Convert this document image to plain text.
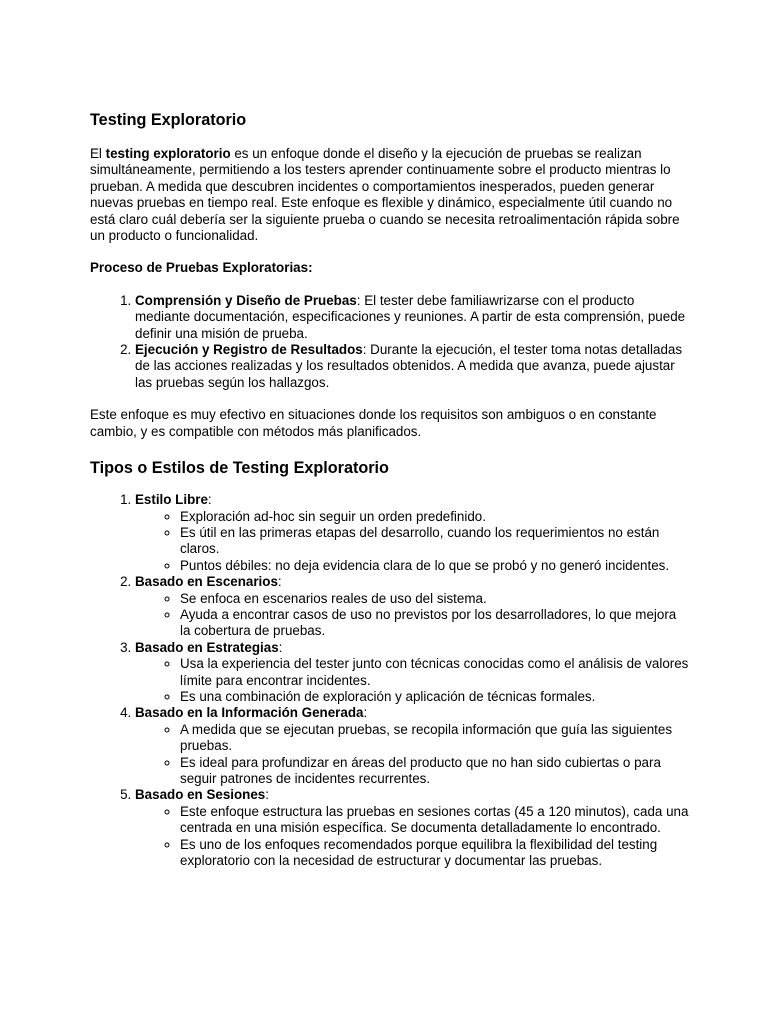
Testing Exploratorio

El testing exploratorio es un enfoque donde el diseño y la ejecución de pruebas se realizan simultáneamente, permitiendo a los testers aprender continuamente sobre el producto mientras lo prueban. A medida que descubren incidentes o comportamientos inesperados, pueden generar nuevas pruebas en tiempo real. Este enfoque es flexible y dinámico, especialmente útil cuando no está claro cuál debería ser la siguiente prueba o cuando se necesita retroalimentación rápida sobre un producto o funcionalidad.

Proceso de Pruebas Exploratorias:

1. Comprensión y Diseño de Pruebas: El tester debe familiawrizarse con el producto mediante documentación, especificaciones y reuniones. A partir de esta comprensión, puede definir una misión de prueba.
2. Ejecución y Registro de Resultados: Durante la ejecución, el tester toma notas detalladas de las acciones realizadas y los resultados obtenidos. A medida que avanza, puede ajustar las pruebas según los hallazgos.

Este enfoque es muy efectivo en situaciones donde los requisitos son ambiguos o en constante cambio, y es compatible con métodos más planificados.

Tipos o Estilos de Testing Exploratorio
1. Estilo Libre:
◦ Exploración ad-hoc sin seguir un orden predefinido.
◦ Es útil en las primeras etapas del desarrollo, cuando los requerimientos no están claros.
◦ Puntos débiles: no deja evidencia clara de lo que se probó y no generó incidentes.
2. Basado en Escenarios:
◦ Se enfoca en escenarios reales de uso del sistema.
◦ Ayuda a encontrar casos de uso no previstos por los desarrolladores, lo que mejora la cobertura de pruebas.
3. Basado en Estrategias:
◦ Usa la experiencia del tester junto con técnicas conocidas como el análisis de valores límite para encontrar incidentes.
◦ Es una combinación de exploración y aplicación de técnicas formales.
4. Basado en la Información Generada:
◦ A medida que se ejecutan pruebas, se recopila información que guía las siguientes pruebas.
◦ Es ideal para profundizar en áreas del producto que no han sido cubiertas o para seguir patrones de incidentes recurrentes.
5. Basado en Sesiones:
◦ Este enfoque estructura las pruebas en sesiones cortas (45 a 120 minutos), cada una centrada en una misión específica. Se documenta detalladamente lo encontrado.
◦ Es uno de los enfoques recomendados porque equilibra la flexibilidad del testing exploratorio con la necesidad de estructurar y documentar las pruebas.
